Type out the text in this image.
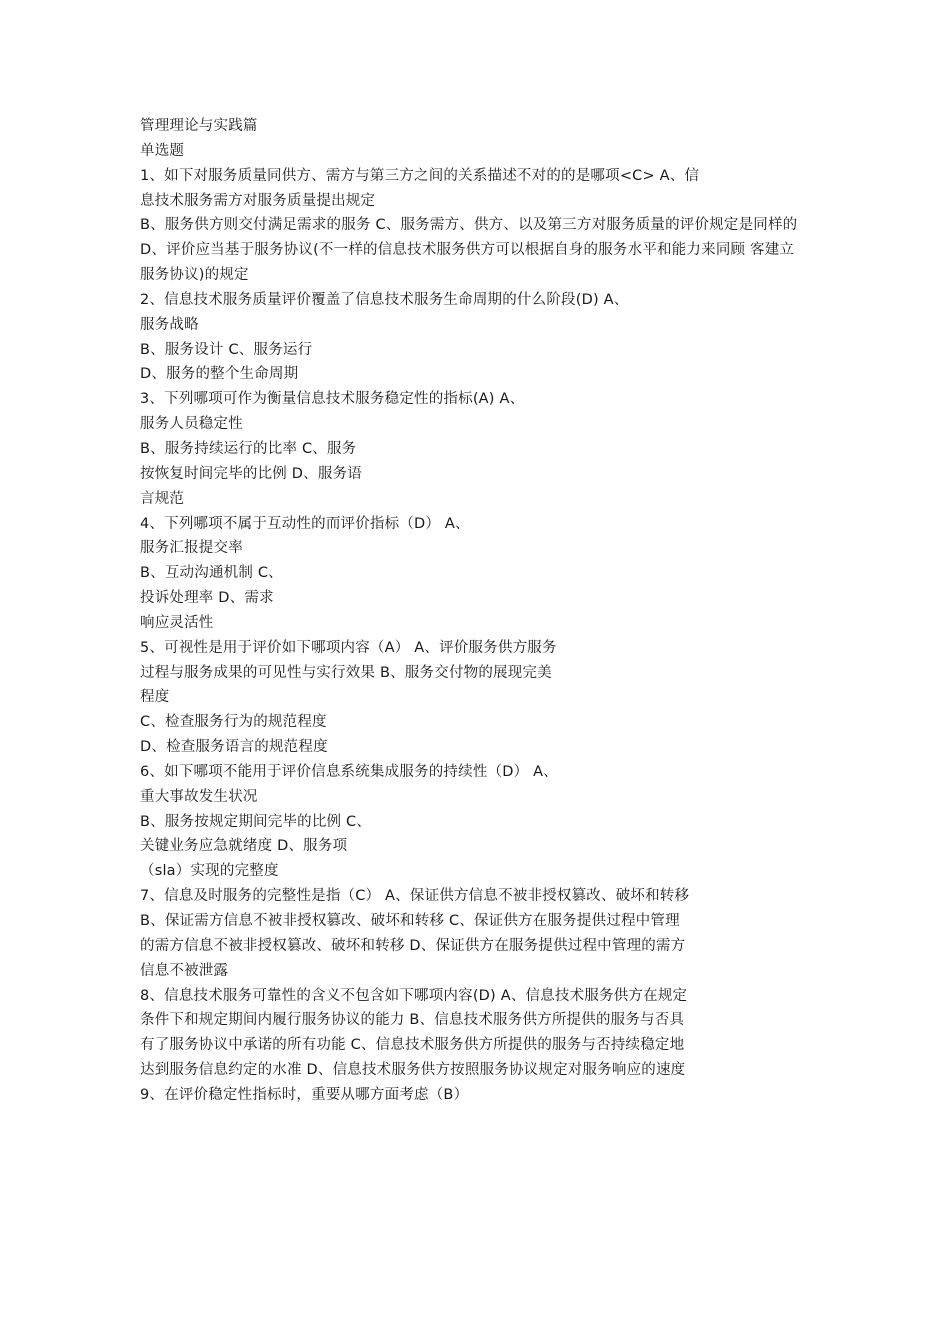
管理理论与实践篇
单选题
1、如下对服务质量同供方、需方与第三方之间的关系描述不对的的是哪项<C> A、信
息技术服务需方对服务质量提出规定
B、服务供方则交付满足需求的服务 C、服务需方、供方、以及第三方对服务质量的评价规定是同样的
D、评价应当基于服务协议(不一样的信息技术服务供方可以根据自身的服务水平和能力来同顾 客建立
服务协议)的规定
2、信息技术服务质量评价覆盖了信息技术服务生命周期的什么阶段(D) A、
服务战略
B、服务设计 C、服务运行
D、服务的整个生命周期
3、下列哪项可作为衡量信息技术服务稳定性的指标(A) A、
服务人员稳定性
B、服务持续运行的比率 C、服务
按恢复时间完毕的比例 D、服务语
言规范
4、下列哪项不属于互动性的而评价指标（D） A、
服务汇报提交率
B、互动沟通机制 C、
投诉处理率 D、需求
响应灵活性
5、可视性是用于评价如下哪项内容（A） A、评价服务供方服务
过程与服务成果的可见性与实行效果 B、服务交付物的展现完美
程度
C、检查服务行为的规范程度
D、检查服务语言的规范程度
6、如下哪项不能用于评价信息系统集成服务的持续性（D） A、
重大事故发生状况
B、服务按规定期间完毕的比例 C、
关键业务应急就绪度 D、服务项
（sla）实现的完整度
7、信息及时服务的完整性是指（C） A、保证供方信息不被非授权篡改、破坏和转移
B、保证需方信息不被非授权篡改、破坏和转移 C、保证供方在服务提供过程中管理
的需方信息不被非授权篡改、破坏和转移 D、保证供方在服务提供过程中管理的需方
信息不被泄露
8、信息技术服务可靠性的含义不包含如下哪项内容(D) A、信息技术服务供方在规定
条件下和规定期间内履行服务协议的能力 B、信息技术服务供方所提供的服务与否具
有了服务协议中承诺的所有功能 C、信息技术服务供方所提供的服务与否持续稳定地
达到服务信息约定的水准 D、信息技术服务供方按照服务协议规定对服务响应的速度
9、在评价稳定性指标时，重要从哪方面考虑（B）
